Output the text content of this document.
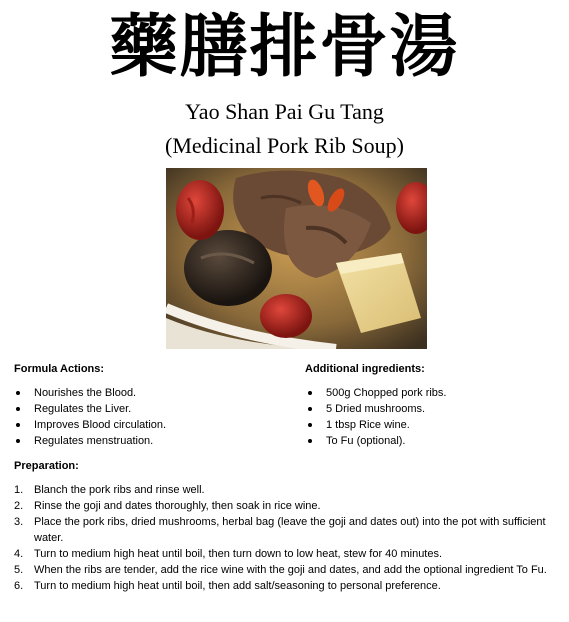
藥膳排骨湯
Yao Shan Pai Gu Tang
(Medicinal Pork Rib Soup)
Formula Actions:
Nourishes the Blood.
Regulates the Liver.
Improves Blood circulation.
Regulates menstruation.
Additional ingredients:
500g Chopped pork ribs.
5 Dried mushrooms.
1 tbsp Rice wine.
To Fu (optional).
Preparation:
1. Blanch the pork ribs and rinse well.
2. Rinse the goji and dates thoroughly, then soak in rice wine.
3. Place the pork ribs, dried mushrooms, herbal bag (leave the goji and dates out) into the pot with sufficient water.
4. Turn to medium high heat until boil, then turn down to low heat, stew for 40 minutes.
5. When the ribs are tender, add the rice wine with the goji and dates, and add the optional ingredient To Fu.
6. Turn to medium high heat until boil, then add salt/seasoning to personal preference.
